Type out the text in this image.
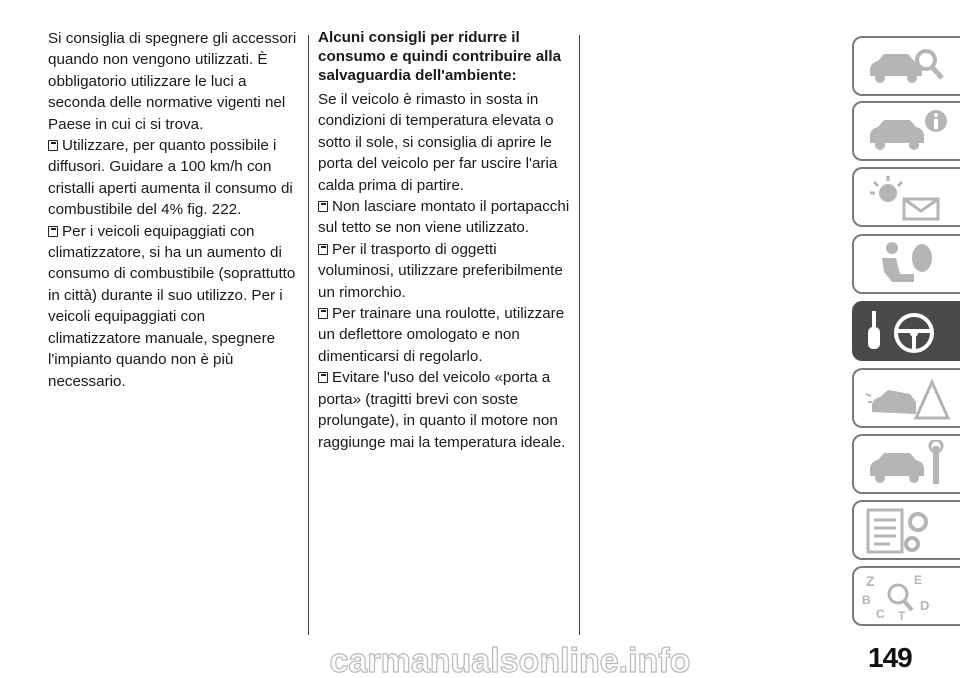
Si consiglia di spegnere gli accessori quando non vengono utilizzati. È obbligatorio utilizzare le luci a seconda delle normative vigenti nel Paese in cui ci si trova.

Utilizzare, per quanto possibile i diffusori. Guidare a 100 km/h con cristalli aperti aumenta il consumo di combustibile del 4% fig. 222.

Per i veicoli equipaggiati con climatizzatore, si ha un aumento di consumo di combustibile (soprattutto in città) durante il suo utilizzo. Per i veicoli equipaggiati con climatizzatore manuale, spegnere l'impianto quando non è più necessario.

Alcuni consigli per ridurre il consumo e quindi contribuire alla salvaguardia dell'ambiente:

Se il veicolo è rimasto in sosta in condizioni di temperatura elevata o sotto il sole, si consiglia di aprire le porta del veicolo per far uscire l'aria calda prima di partire.

Non lasciare montato il portapacchi sul tetto se non viene utilizzato.

Per il trasporto di oggetti voluminosi, utilizzare preferibilmente un rimorchio.

Per trainare una roulotte, utilizzare un deflettore omologato e non dimenticarsi di regolarlo.

Evitare l'uso del veicolo «porta a porta» (tragitti brevi con soste prolungate), in quanto il motore non raggiunge mai la temperatura ideale.

Z	E
B	D
C T
149
carmanualsonline.info
